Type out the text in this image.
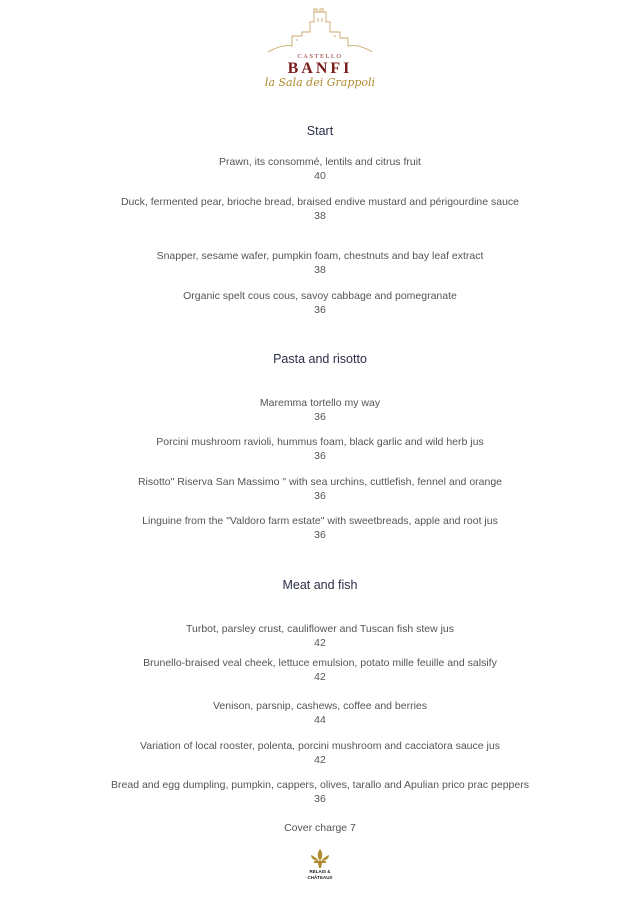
CASTELLO
BANFI
la Sala dei Grappoli
Start
Prawn, its consommé, lentils and citrus fruit
40
Duck, fermented pear, brioche bread, braised endive mustard and périgourdine sauce
38
Snapper, sesame wafer, pumpkin foam, chestnuts and bay leaf extract
38
Organic spelt cous cous, savoy cabbage and pomegranate
36
Pasta and risotto
Maremma tortello my way
36
Porcini mushroom ravioli, hummus foam, black garlic and wild herb jus
36
Risotto" Riserva San Massimo " with sea urchins, cuttlefish, fennel and orange
36
Linguine from the "Valdoro farm estate" with sweetbreads, apple and root jus
36
Meat and fish
Turbot, parsley crust, cauliflower and Tuscan fish stew jus
42
Brunello-braised veal cheek, lettuce emulsion, potato mille feuille and salsify
42
Venison, parsnip, cashews, coffee and berries
44
Variation of local rooster, polenta, porcini mushroom and cacciatora sauce jus
42
Bread and egg dumpling, pumpkin, cappers, olives, tarallo and Apulian prico prac peppers
36
Cover charge 7
RELAIS &
CHÂTEAUX
